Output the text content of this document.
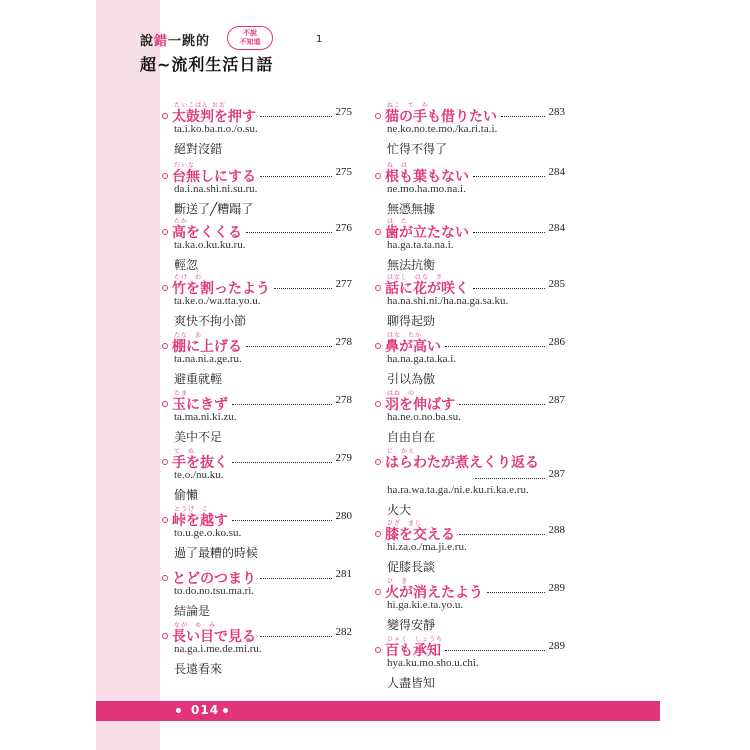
說錯一跳的
不說
不知道
超~流利生活日語
1
たいこばん おお
太鼓判を押す	275
ta.i.ko.ba.n.o./o.su.
絕對沒錯
だいな
台無しにする	275
da.i.na.shi.ni.su.ru.
斷送了╱糟蹋了
たか
高をくくる	276
ta.ka.o.ku.ku.ru.
輕忽
たけ　わ
竹を割ったよう	277
ta.ke.o./wa.tta.yo.u.
爽快不拘小節
たな　あ
棚に上げる	278
ta.na.ni.a.ge.ru.
避重就輕
たま
玉にきず	278
ta.ma.ni.ki.zu.
美中不足
て　ぬ
手を抜く	279
te.o./nu.ku.
偷懶
とうげ　こ
峠を越す	280
to.u.ge.o.ko.su.
過了最糟的時候
とどのつまり	281
to.do.no.tsu.ma.ri.
結論是
なが　め　み
長い目で見る	282
na.ga.i.me.de.mi.ru.
長遠看來
ねこ　て　か
猫の手も借りたい	283
ne.ko.no.te.mo./ka.ri.ta.i.
忙得不得了
ね　は
根も葉もない	284
ne.mo.ha.mo.na.i.
無憑無據
は　た
歯が立たない	284
ha.ga.ta.ta.na.i.
無法抗衡
はなし　はな　さ
話に花が咲く	285
ha.na.shi.ni./ha.na.ga.sa.ku.
聊得起勁
はな　たか
鼻が高い	286
ha.na.ga.ta.ka.i.
引以為傲
はね　の
羽を伸ばす	287
ha.ne.o.no.ba.su.
自由自在
に　かえ
はらわたが煮えくり返る
287
ha.ra.wa.ta.ga./ni.e.ku.ri.ka.e.ru.
火大
ひざ　まじ
膝を交える	288
hi.za.o./ma.ji.e.ru.
促膝長談
ひ　き
火が消えたよう	289
hi.ga.ki.e.ta.yo.u.
變得安靜
ひゃく　しょうち
百も承知	289
hya.ku.mo.sho.u.chi.
人盡皆知
014
